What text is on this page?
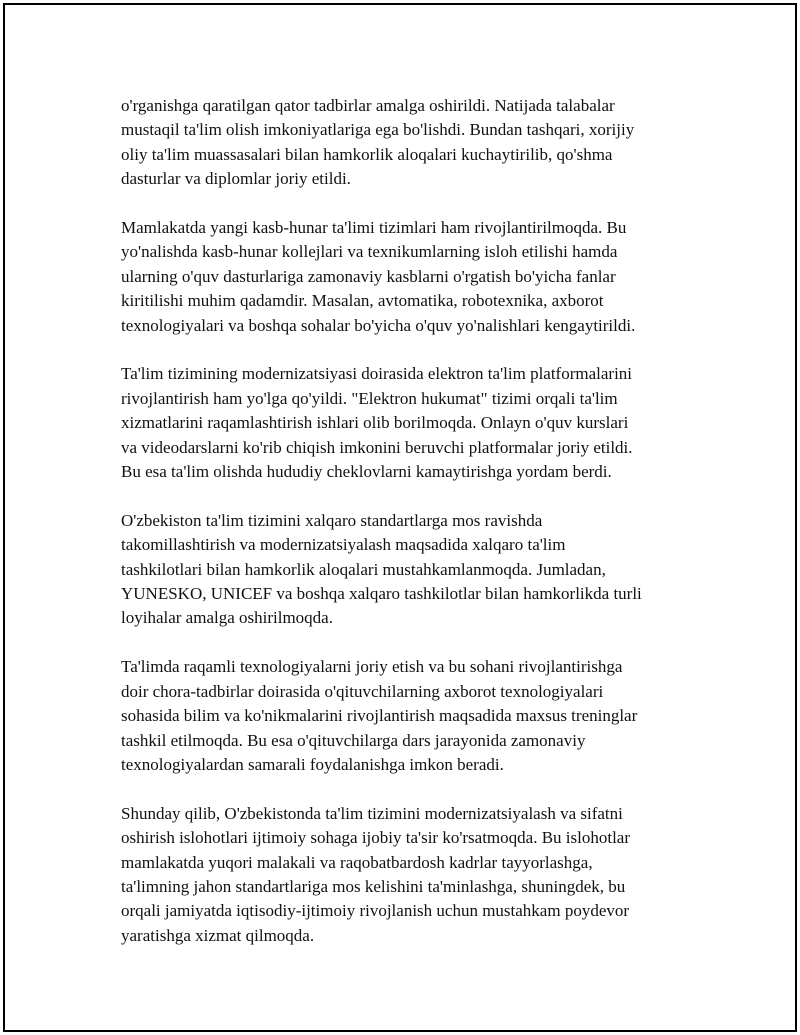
o'rganishga qaratilgan qator tadbirlar amalga oshirildi. Natijada talabalar
mustaqil ta'lim olish imkoniyatlariga ega bo'lishdi. Bundan tashqari, xorijiy
oliy ta'lim muassasalari bilan hamkorlik aloqalari kuchaytirilib, qo'shma
dasturlar va diplomlar joriy etildi.

Mamlakatda yangi kasb-hunar ta'limi tizimlari ham rivojlantirilmoqda. Bu
yo'nalishda kasb-hunar kollejlari va texnikumlarning isloh etilishi hamda
ularning o'quv dasturlariga zamonaviy kasblarni o'rgatish bo'yicha fanlar
kiritilishi muhim qadamdir. Masalan, avtomatika, robotexnika, axborot
texnologiyalari va boshqa sohalar bo'yicha o'quv yo'nalishlari kengaytirildi.

Ta'lim tizimining modernizatsiyasi doirasida elektron ta'lim platformalarini
rivojlantirish ham yo'lga qo'yildi. "Elektron hukumat" tizimi orqali ta'lim
xizmatlarini raqamlashtirish ishlari olib borilmoqda. Onlayn o'quv kurslari
va videodarslarni ko'rib chiqish imkonini beruvchi platformalar joriy etildi.
Bu esa ta'lim olishda hududiy cheklovlarni kamaytirishga yordam berdi.

O'zbekiston ta'lim tizimini xalqaro standartlarga mos ravishda
takomillashtirish va modernizatsiyalash maqsadida xalqaro ta'lim
tashkilotlari bilan hamkorlik aloqalari mustahkamlanmoqda. Jumladan,
YUNESKO, UNICEF va boshqa xalqaro tashkilotlar bilan hamkorlikda turli
loyihalar amalga oshirilmoqda.

Ta'limda raqamli texnologiyalarni joriy etish va bu sohani rivojlantirishga
doir chora-tadbirlar doirasida o'qituvchilarning axborot texnologiyalari
sohasida bilim va ko'nikmalarini rivojlantirish maqsadida maxsus treninglar
tashkil etilmoqda. Bu esa o'qituvchilarga dars jarayonida zamonaviy
texnologiyalardan samarali foydalanishga imkon beradi.

Shunday qilib, O'zbekistonda ta'lim tizimini modernizatsiyalash va sifatni
oshirish islohotlari ijtimoiy sohaga ijobiy ta'sir ko'rsatmoqda. Bu islohotlar
mamlakatda yuqori malakali va raqobatbardosh kadrlar tayyorlashga,
ta'limning jahon standartlariga mos kelishini ta'minlashga, shuningdek, bu
orqali jamiyatda iqtisodiy-ijtimoiy rivojlanish uchun mustahkam poydevor
yaratishga xizmat qilmoqda.
